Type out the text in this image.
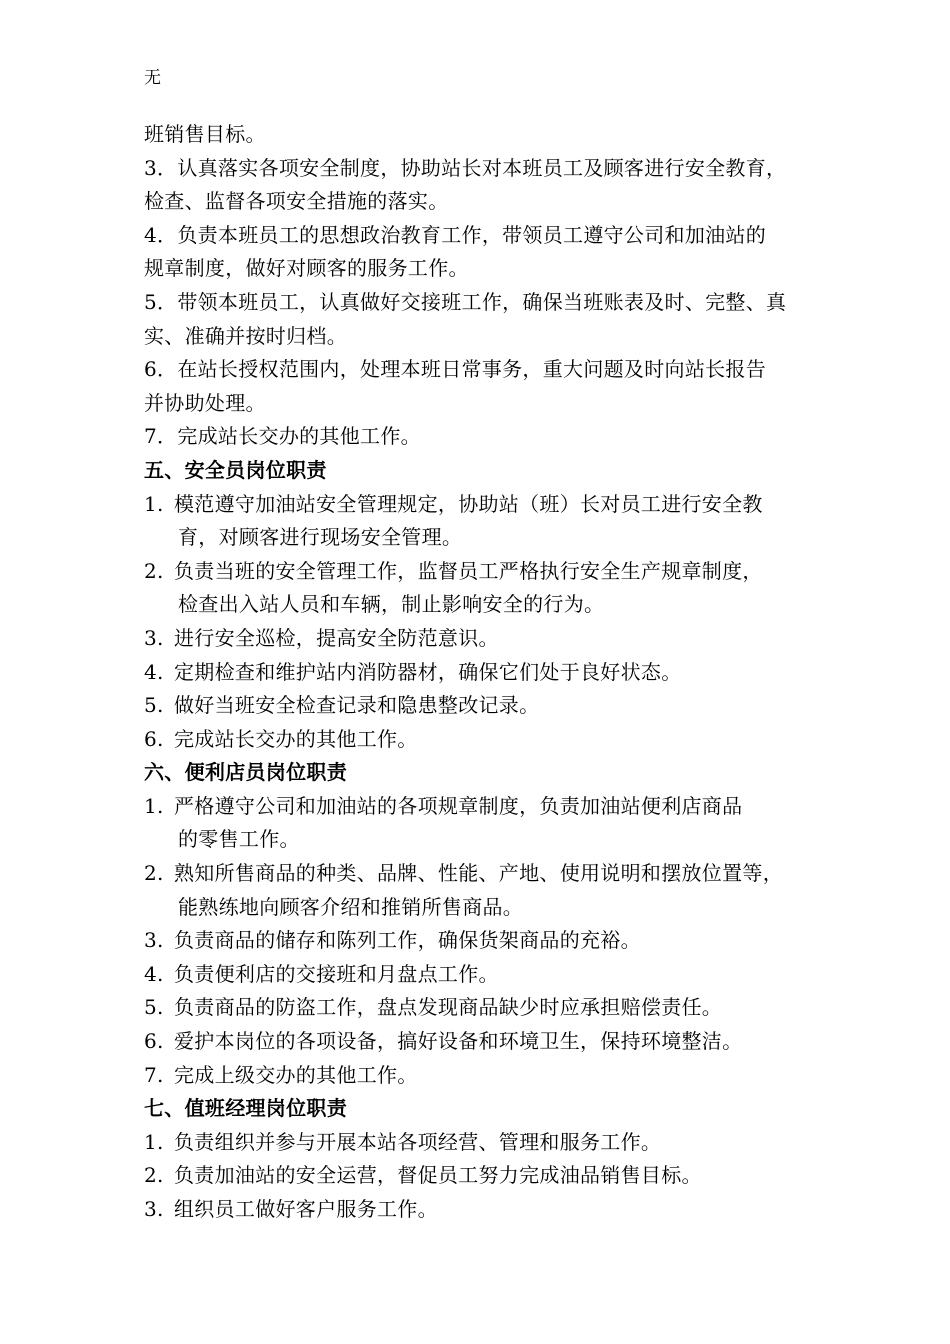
无
班销售目标。
3．认真落实各项安全制度，协助站长对本班员工及顾客进行安全教育，
检查、监督各项安全措施的落实。
4．负责本班员工的思想政治教育工作，带领员工遵守公司和加油站的
规章制度，做好对顾客的服务工作。
5．带领本班员工，认真做好交接班工作，确保当班账表及时、完整、真
实、准确并按时归档。
6．在站长授权范围内，处理本班日常事务，重大问题及时向站长报告
并协助处理。
7．完成站长交办的其他工作。
五、安全员岗位职责
1. 模范遵守加油站安全管理规定，协助站（班）长对员工进行安全教
育，对顾客进行现场安全管理。
2. 负责当班的安全管理工作，监督员工严格执行安全生产规章制度，
检查出入站人员和车辆，制止影响安全的行为。
3. 进行安全巡检，提高安全防范意识。
4. 定期检查和维护站内消防器材，确保它们处于良好状态。
5. 做好当班安全检查记录和隐患整改记录。
6. 完成站长交办的其他工作。
六、便利店员岗位职责
1. 严格遵守公司和加油站的各项规章制度，负责加油站便利店商品
的零售工作。
2. 熟知所售商品的种类、品牌、性能、产地、使用说明和摆放位置等，
能熟练地向顾客介绍和推销所售商品。
3. 负责商品的储存和陈列工作，确保货架商品的充裕。
4. 负责便利店的交接班和月盘点工作。
5. 负责商品的防盗工作，盘点发现商品缺少时应承担赔偿责任。
6. 爱护本岗位的各项设备，搞好设备和环境卫生，保持环境整洁。
7. 完成上级交办的其他工作。
七、值班经理岗位职责
1. 负责组织并参与开展本站各项经营、管理和服务工作。
2. 负责加油站的安全运营，督促员工努力完成油品销售目标。
3. 组织员工做好客户服务工作。
